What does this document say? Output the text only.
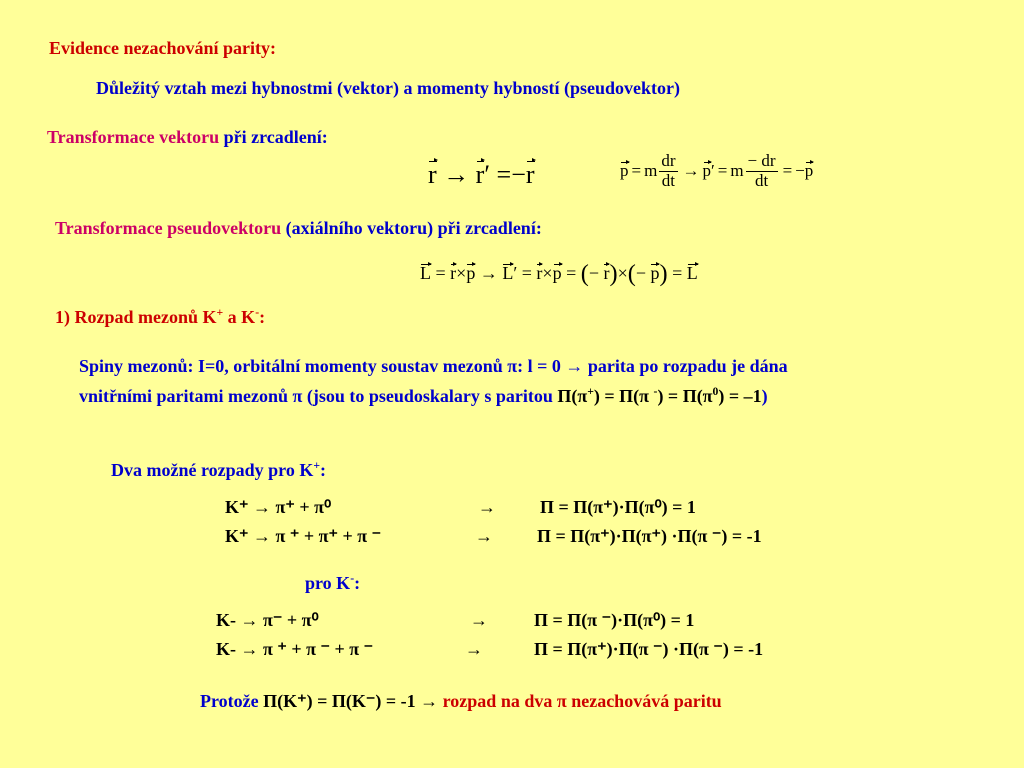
Evidence nezachování parity:
Důležitý vztah mezi hybnostmi (vektor) a momenty hybností (pseudovektor)
Transformace vektoru při zrcadlení:
r → r′ =−r	p = m $\frac{dr}{dt} \to p$ ′ = m $\frac{- dr}{dt}$ = − p
Transformace pseudovektoru (axiálního vektoru) při zrcadlení:
L = r×p → L′ = r×p = (− r)×(− p) = L
1) Rozpad mezonů K+ a K-:
Spiny mezonů: I=0, orbitální momenty soustav mezonů π: l = 0 → parita po rozpadu je dána
vnitřními paritami mezonů π (jsou to pseudoskalary s paritou Π(π+) = Π(π $^-) = \Pi(\pi^0) = -1$)
Dva možné rozpady pro K+:
K⁺ → π⁺ + π⁰	→ Π = Π(π⁺)·Π(π⁰) = 1
K⁺ → π ⁺ + π⁺ + π ⁻	→ Π = Π(π⁺)·Π(π⁺) ·Π(π ⁻) = -1
pro K-:
K- → π⁻ + π⁰	→	Π = Π(π ⁻)·Π(π⁰) = 1
K- → π ⁺ + π ⁻ + π ⁻	→	Π = Π(π⁺)·Π(π ⁻) ·Π(π ⁻) = -1
Protože Π(K⁺) = Π(K⁻) = -1 → rozpad na dva π nezachovává paritu
